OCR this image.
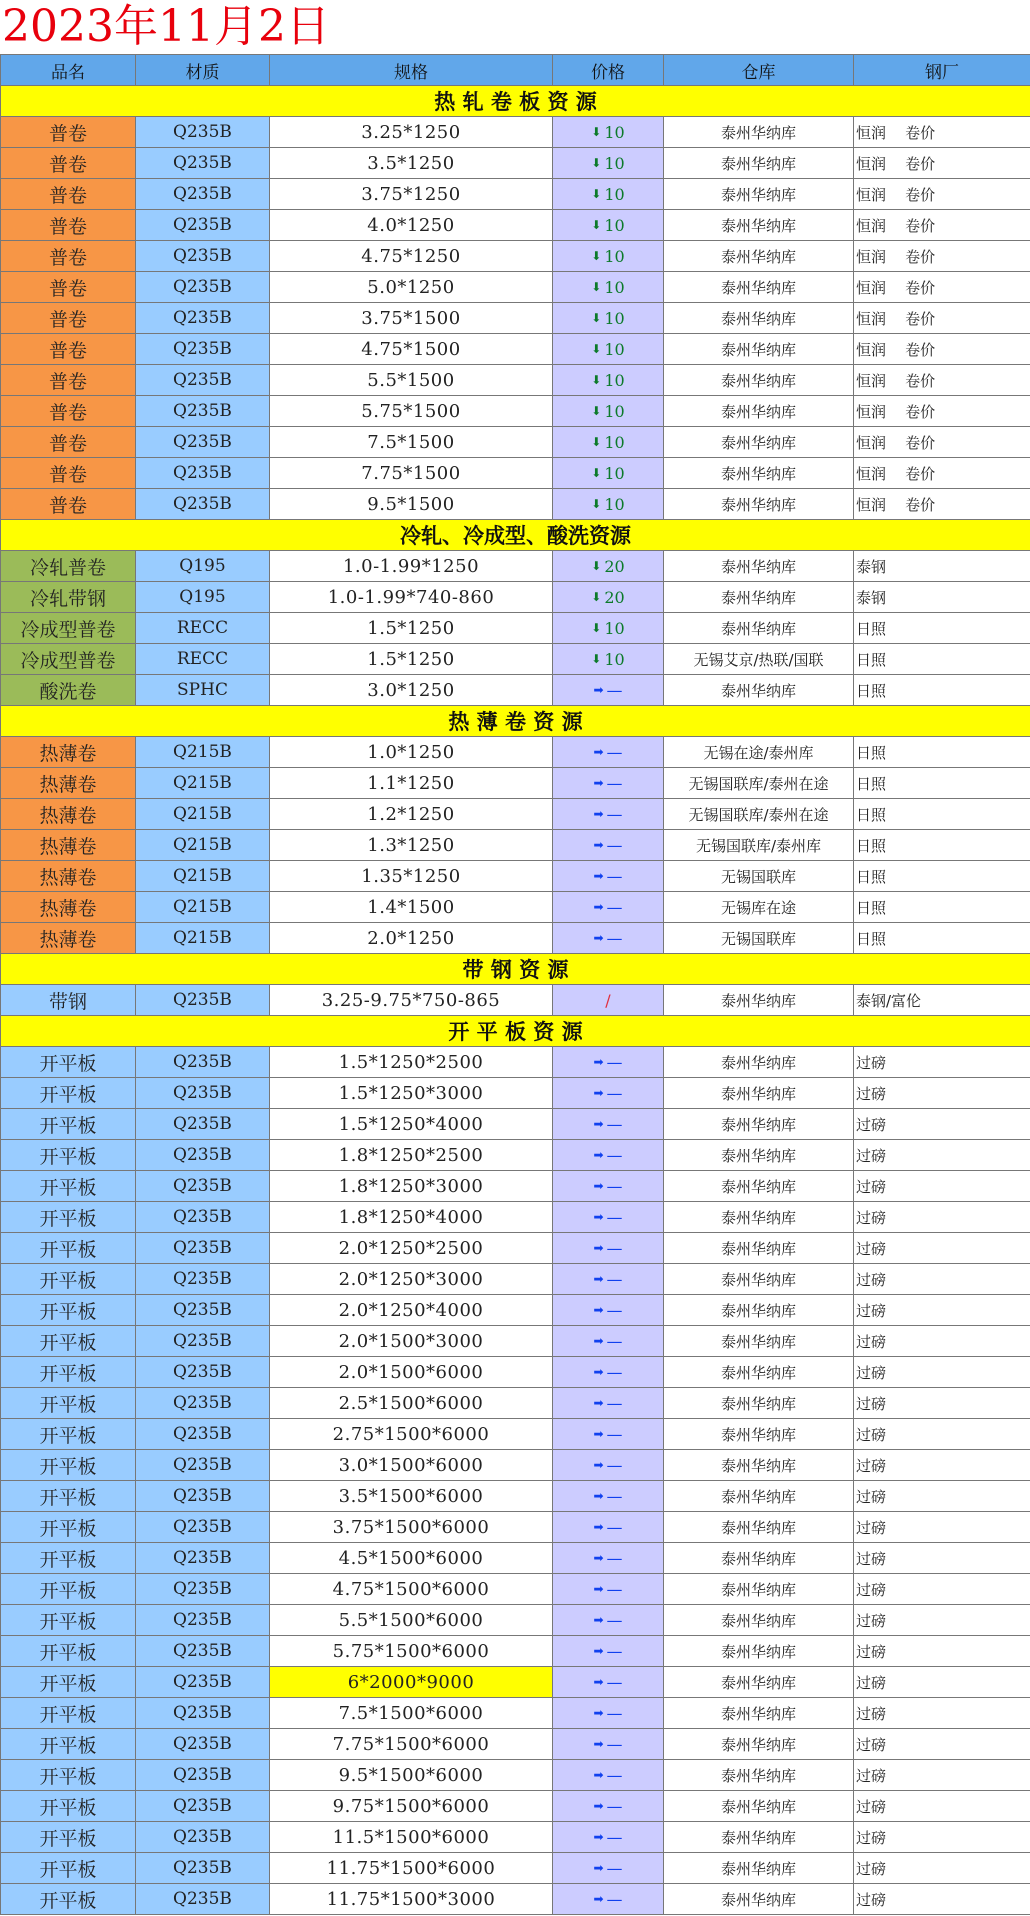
2023年11月2日
品名	材质	规格	价格	仓库	钢厂
热 轧 卷 板 资 源					
普卷	Q235B	3.25*1250	⬇ 10	泰州华纳库	恒润    卷价
普卷	Q235B	3.5*1250	⬇ 10	泰州华纳库	恒润    卷价
普卷	Q235B	3.75*1250	⬇ 10	泰州华纳库	恒润    卷价
普卷	Q235B	4.0*1250	⬇ 10	泰州华纳库	恒润    卷价
普卷	Q235B	4.75*1250	⬇ 10	泰州华纳库	恒润    卷价
普卷	Q235B	5.0*1250	⬇ 10	泰州华纳库	恒润    卷价
普卷	Q235B	3.75*1500	⬇ 10	泰州华纳库	恒润    卷价
普卷	Q235B	4.75*1500	⬇ 10	泰州华纳库	恒润    卷价
普卷	Q235B	5.5*1500	⬇ 10	泰州华纳库	恒润    卷价
普卷	Q235B	5.75*1500	⬇ 10	泰州华纳库	恒润    卷价
普卷	Q235B	7.5*1500	⬇ 10	泰州华纳库	恒润    卷价
普卷	Q235B	7.75*1500	⬇ 10	泰州华纳库	恒润    卷价
普卷	Q235B	9.5*1500	⬇ 10	泰州华纳库	恒润    卷价
冷轧、冷成型、酸洗资源					
冷轧普卷	Q195	1.0-1.99*1250	⬇ 20	泰州华纳库	泰钢
冷轧带钢	Q195	1.0-1.99*740-860	⬇ 20	泰州华纳库	泰钢
冷成型普卷	RECC	1.5*1250	⬇ 10	泰州华纳库	日照
冷成型普卷	RECC	1.5*1250	⬇ 10	无锡艾京/热联/国联	日照
酸洗卷	SPHC	3.0*1250	➡ —	泰州华纳库	日照
热 薄 卷 资 源					
热薄卷	Q215B	1.0*1250	➡ —	无锡在途/泰州库	日照
热薄卷	Q215B	1.1*1250	➡ —	无锡国联库/泰州在途	日照
热薄卷	Q215B	1.2*1250	➡ —	无锡国联库/泰州在途	日照
热薄卷	Q215B	1.3*1250	➡ —	无锡国联库/泰州库	日照
热薄卷	Q215B	1.35*1250	➡ —	无锡国联库	日照
热薄卷	Q215B	1.4*1500	➡ —	无锡库在途	日照
热薄卷	Q215B	2.0*1250	➡ —	无锡国联库	日照
带 钢 资 源					
带钢	Q235B	3.25-9.75*750-865	/	泰州华纳库	泰钢/富伦
开 平 板 资 源					
开平板	Q235B	1.5*1250*2500	➡ —	泰州华纳库	过磅
开平板	Q235B	1.5*1250*3000	➡ —	泰州华纳库	过磅
开平板	Q235B	1.5*1250*4000	➡ —	泰州华纳库	过磅
开平板	Q235B	1.8*1250*2500	➡ —	泰州华纳库	过磅
开平板	Q235B	1.8*1250*3000	➡ —	泰州华纳库	过磅
开平板	Q235B	1.8*1250*4000	➡ —	泰州华纳库	过磅
开平板	Q235B	2.0*1250*2500	➡ —	泰州华纳库	过磅
开平板	Q235B	2.0*1250*3000	➡ —	泰州华纳库	过磅
开平板	Q235B	2.0*1250*4000	➡ —	泰州华纳库	过磅
开平板	Q235B	2.0*1500*3000	➡ —	泰州华纳库	过磅
开平板	Q235B	2.0*1500*6000	➡ —	泰州华纳库	过磅
开平板	Q235B	2.5*1500*6000	➡ —	泰州华纳库	过磅
开平板	Q235B	2.75*1500*6000	➡ —	泰州华纳库	过磅
开平板	Q235B	3.0*1500*6000	➡ —	泰州华纳库	过磅
开平板	Q235B	3.5*1500*6000	➡ —	泰州华纳库	过磅
开平板	Q235B	3.75*1500*6000	➡ —	泰州华纳库	过磅
开平板	Q235B	4.5*1500*6000	➡ —	泰州华纳库	过磅
开平板	Q235B	4.75*1500*6000	➡ —	泰州华纳库	过磅
开平板	Q235B	5.5*1500*6000	➡ —	泰州华纳库	过磅
开平板	Q235B	5.75*1500*6000	➡ —	泰州华纳库	过磅
开平板	Q235B	6*2000*9000	➡ —	泰州华纳库	过磅
开平板	Q235B	7.5*1500*6000	➡ —	泰州华纳库	过磅
开平板	Q235B	7.75*1500*6000	➡ —	泰州华纳库	过磅
开平板	Q235B	9.5*1500*6000	➡ —	泰州华纳库	过磅
开平板	Q235B	9.75*1500*6000	➡ —	泰州华纳库	过磅
开平板	Q235B	11.5*1500*6000	➡ —	泰州华纳库	过磅
开平板	Q235B	11.75*1500*6000	➡ —	泰州华纳库	过磅
开平板	Q235B	11.75*1500*3000	➡ —	泰州华纳库	过磅
